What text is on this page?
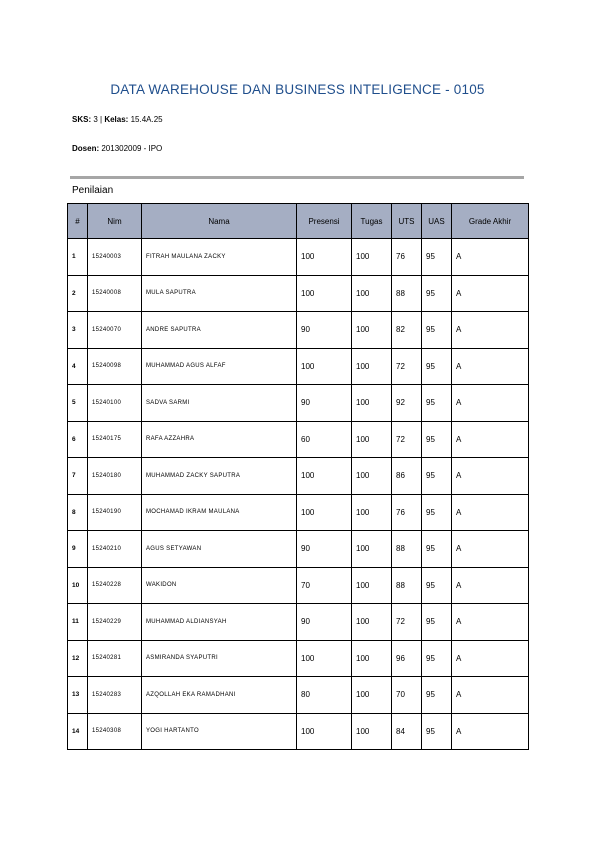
DATA WAREHOUSE DAN BUSINESS INTELIGENCE - 0105
SKS: 3 | Kelas: 15.4A.25
Dosen: 201302009 - IPO
Penilaian
#	Nim	Nama	Presensi	Tugas	UTS	UAS	Grade Akhir
1	15240003	FITRAH MAULANA ZACKY	100	100	76	95	A
2	15240008	MULA SAPUTRA	100	100	88	95	A
3	15240070	ANDRE SAPUTRA	90	100	82	95	A
4	15240098	MUHAMMAD AGUS ALFAF	100	100	72	95	A
5	15240100	SADVA SARMI	90	100	92	95	A
6	15240175	RAFA AZZAHRA	60	100	72	95	A
7	15240180	MUHAMMAD ZACKY SAPUTRA	100	100	86	95	A
8	15240190	MOCHAMAD IKRAM MAULANA	100	100	76	95	A
9	15240210	AGUS SETYAWAN	90	100	88	95	A
10	15240228	WAKIDON	70	100	88	95	A
11	15240229	MUHAMMAD ALDIANSYAH	90	100	72	95	A
12	15240281	ASMIRANDA SYAPUTRI	100	100	96	95	A
13	15240283	AZQOLLAH EKA RAMADHANI	80	100	70	95	A
14	15240308	YOGI HARTANTO	100	100	84	95	A
